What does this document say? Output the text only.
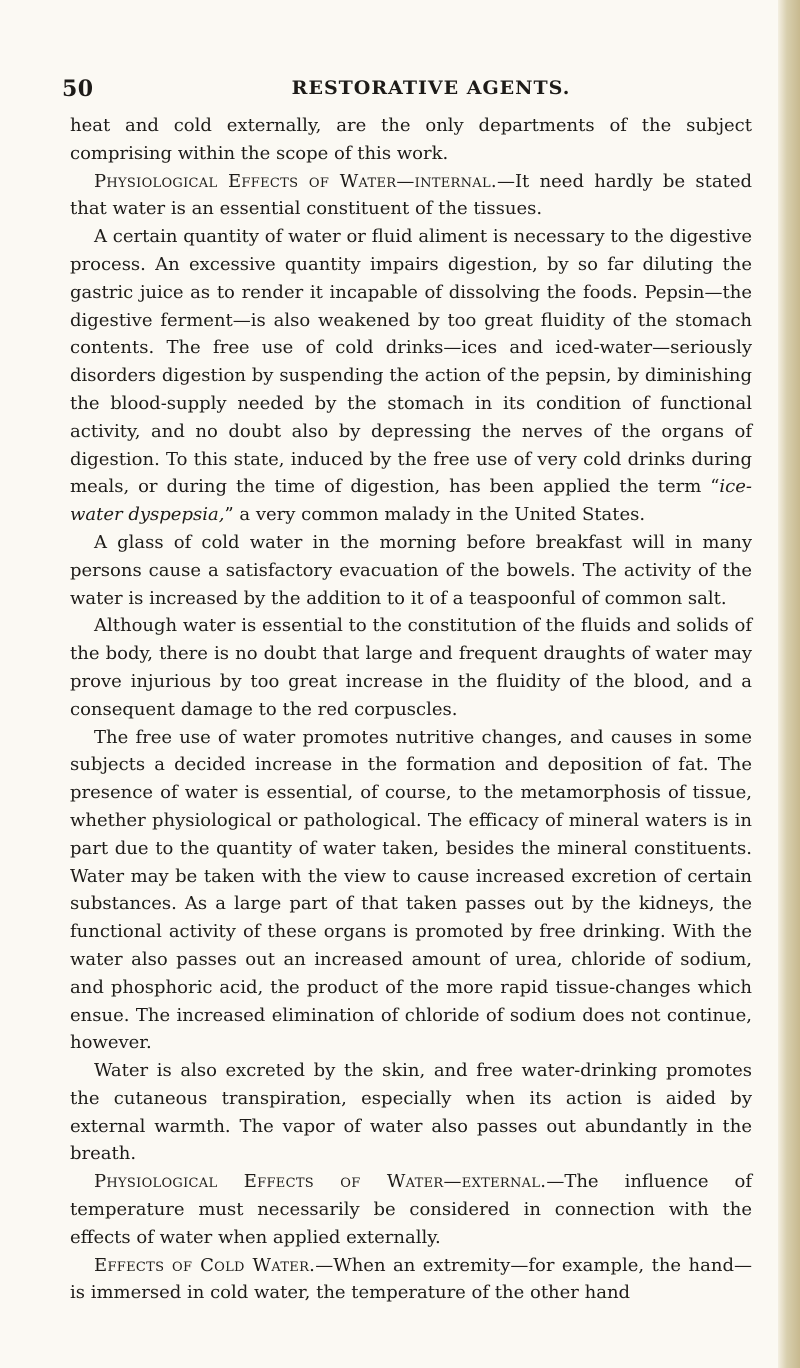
50	RESTORATIVE AGENTS.

heat and cold externally, are the only departments of the subject comprising within the scope of this work.

Physiological Effects of Water—internal.—It need hardly be stated that water is an essential constituent of the tissues.

A certain quantity of water or fluid aliment is necessary to the digestive process. An excessive quantity impairs digestion, by so far diluting the gastric juice as to render it incapable of dissolving the foods. Pepsin—the digestive ferment—is also weakened by too great fluidity of the stomach contents. The free use of cold drinks—ices and iced-water—seriously disorders digestion by suspending the action of the pepsin, by diminishing the blood-supply needed by the stomach in its condition of functional activity, and no doubt also by depressing the nerves of the organs of digestion. To this state, induced by the free use of very cold drinks during meals, or during the time of digestion, has been applied the term “ice-water dyspepsia,” a very common malady in the United States.

A glass of cold water in the morning before breakfast will in many persons cause a satisfactory evacuation of the bowels. The activity of the water is increased by the addition to it of a teaspoonful of common salt.

Although water is essential to the constitution of the fluids and solids of the body, there is no doubt that large and frequent draughts of water may prove injurious by too great increase in the fluidity of the blood, and a consequent damage to the red corpuscles.

The free use of water promotes nutritive changes, and causes in some subjects a decided increase in the formation and deposition of fat. The presence of water is essential, of course, to the metamorphosis of tissue, whether physiological or pathological. The efficacy of mineral waters is in part due to the quantity of water taken, besides the mineral constituents. Water may be taken with the view to cause increased excretion of certain substances. As a large part of that taken passes out by the kidneys, the functional activity of these organs is promoted by free drinking. With the water also passes out an increased amount of urea, chloride of sodium, and phosphoric acid, the product of the more rapid tissue-changes which ensue. The increased elimination of chloride of sodium does not continue, however.

Water is also excreted by the skin, and free water-drinking promotes the cutaneous transpiration, especially when its action is aided by external warmth. The vapor of water also passes out abundantly in the breath.

Physiological Effects of Water—external.—The influence of temperature must necessarily be considered in connection with the effects of water when applied externally.

Effects of Cold Water.—When an extremity—for example, the hand—is immersed in cold water, the temperature of the other hand
